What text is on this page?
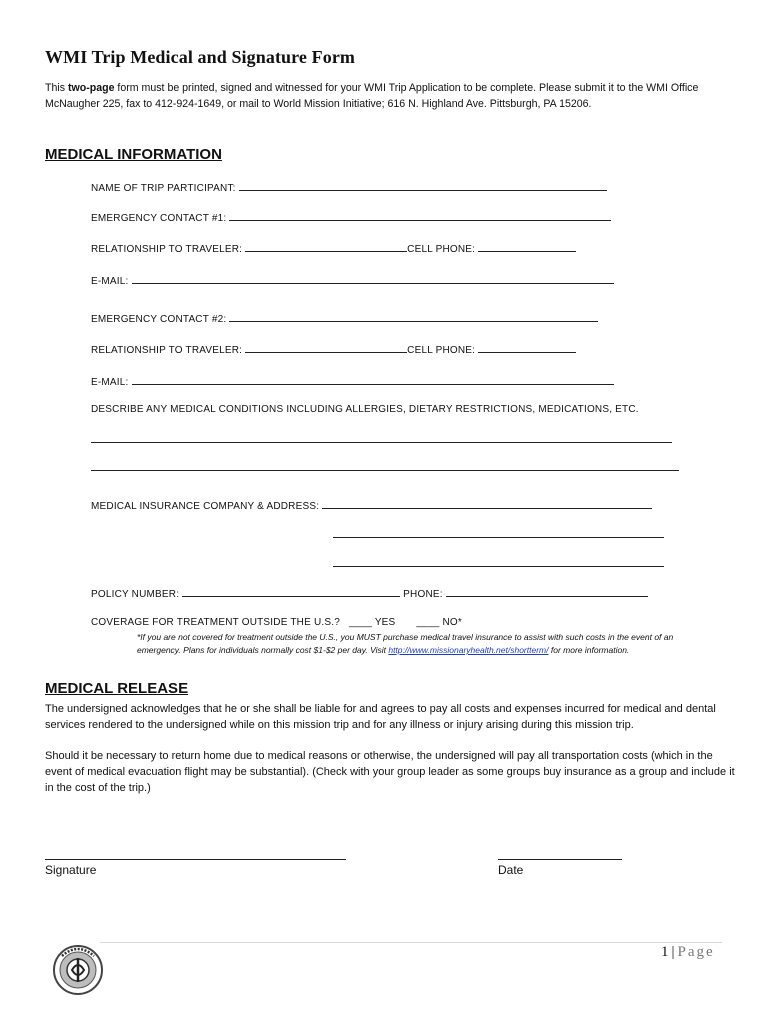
WMI Trip Medical and Signature Form
This two-page form must be printed, signed and witnessed for your WMI Trip Application to be complete. Please submit it to the WMI Office McNaugher 225, fax to 412-924-1649, or mail to World Mission Initiative; 616 N. Highland Ave. Pittsburgh, PA 15206.
MEDICAL INFORMATION
NAME OF TRIP PARTICIPANT:
EMERGENCY CONTACT #1:
RELATIONSHIP TO TRAVELER:	CELL PHONE:
E-MAIL:
EMERGENCY CONTACT #2:
RELATIONSHIP TO TRAVELER:	CELL PHONE:
E-MAIL:
DESCRIBE ANY MEDICAL CONDITIONS INCLUDING ALLERGIES, DIETARY RESTRICTIONS, MEDICATIONS, ETC.
MEDICAL INSURANCE COMPANY & ADDRESS:
POLICY NUMBER:	PHONE:
COVERAGE FOR TREATMENT OUTSIDE THE U.S.? ____ YES ____ NO*
*If you are not covered for treatment outside the U.S., you MUST purchase medical travel insurance to assist with such costs in the event of an
emergency. Plans for individuals normally cost $1-$2 per day. Visit http://www.missionaryhealth.net/shortterm/ for more information.
MEDICAL RELEASE
The undersigned acknowledges that he or she shall be liable for and agrees to pay all costs and expenses incurred for medical and dental services rendered to the undersigned while on this mission trip and for any illness or injury arising during this mission trip.
Should it be necessary to return home due to medical reasons or otherwise, the undersigned will pay all transportation costs (which in the event of medical evacuation flight may be substantial). (Check with your group leader as some groups buy insurance as a group and include it in the cost of the trip.)
Signature	Date
1 | Page
